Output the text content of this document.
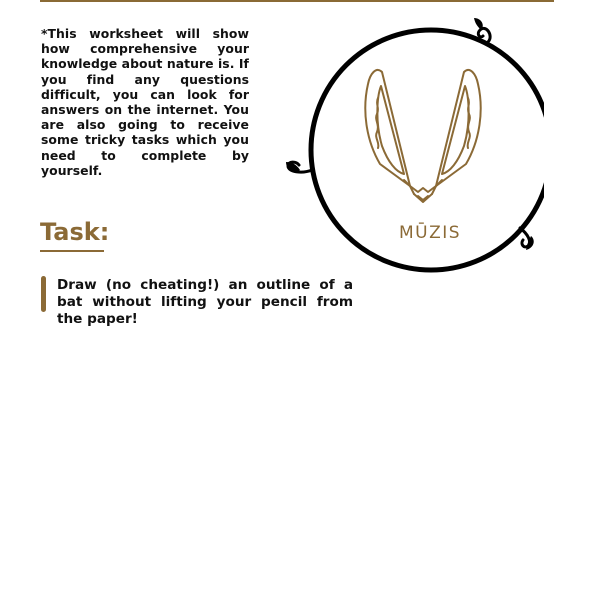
*This worksheet will show how comprehensive your knowledge about nature is. If you find any questions difficult, you can look for answers on the internet. You are also going to receive some tricky tasks which you need to complete by yourself.

Task:

Draw (no cheating!) an outline of a bat without lifting your pencil from the paper!

MŪZIS
